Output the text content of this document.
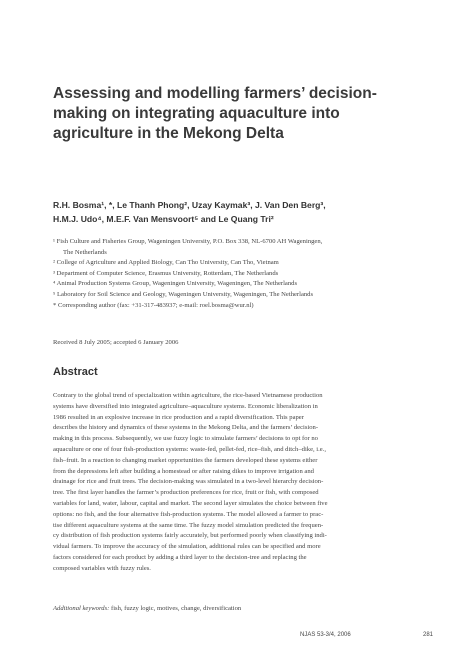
Assessing and modelling farmers’ decision-
making on integrating aquaculture into
agriculture in the Mekong Delta
R.H. Bosma¹, *, Le Thanh Phong², Uzay Kaymak³, J. Van Den Berg³,
H.M.J. Udo⁴, M.E.F. Van Mensvoort⁵ and Le Quang Tri²
¹ Fish Culture and Fisheries Group, Wageningen University, P.O. Box 338, NL-6700 AH Wageningen,
The Netherlands
² College of Agriculture and Applied Biology, Can Tho University, Can Tho, Vietnam
³ Department of Computer Science, Erasmus University, Rotterdam, The Netherlands
⁴ Animal Production Systems Group, Wageningen University, Wageningen, The Netherlands
⁵ Laboratory for Soil Science and Geology, Wageningen University, Wageningen, The Netherlands
* Corresponding author (fax: +31-317-483937; e-mail: roel.bosma@wur.nl)
Received 8 July 2005; accepted 6 January 2006
Abstract
Contrary to the global trend of specialization within agriculture, the rice-based Vietnamese production
systems have diversified into integrated agriculture–aquaculture systems. Economic liberalization in
1986 resulted in an explosive increase in rice production and a rapid diversification. This paper
describes the history and dynamics of these systems in the Mekong Delta, and the farmers’ decision-
making in this process. Subsequently, we use fuzzy logic to simulate farmers’ decisions to opt for no
aquaculture or one of four fish-production systems: waste-fed, pellet-fed, rice–fish, and ditch–dike, i.e.,
fish–fruit. In a reaction to changing market opportunities the farmers developed these systems either
from the depressions left after building a homestead or after raising dikes to improve irrigation and
drainage for rice and fruit trees. The decision-making was simulated in a two-level hierarchy decision-
tree. The first layer handles the farmer’s production preferences for rice, fruit or fish, with composed
variables for land, water, labour, capital and market. The second layer simulates the choice between five
options: no fish, and the four alternative fish-production systems. The model allowed a farmer to prac-
tise different aquaculture systems at the same time. The fuzzy model simulation predicted the frequen-
cy distribution of fish production systems fairly accurately, but performed poorly when classifying indi-
vidual farmers. To improve the accuracy of the simulation, additional rules can be specified and more
factors considered for each product by adding a third layer to the decision-tree and replacing the
composed variables with fuzzy rules.
Additional keywords: fish, fuzzy logic, motives, change, diversification
NJAS 53-3/4, 2006	281
